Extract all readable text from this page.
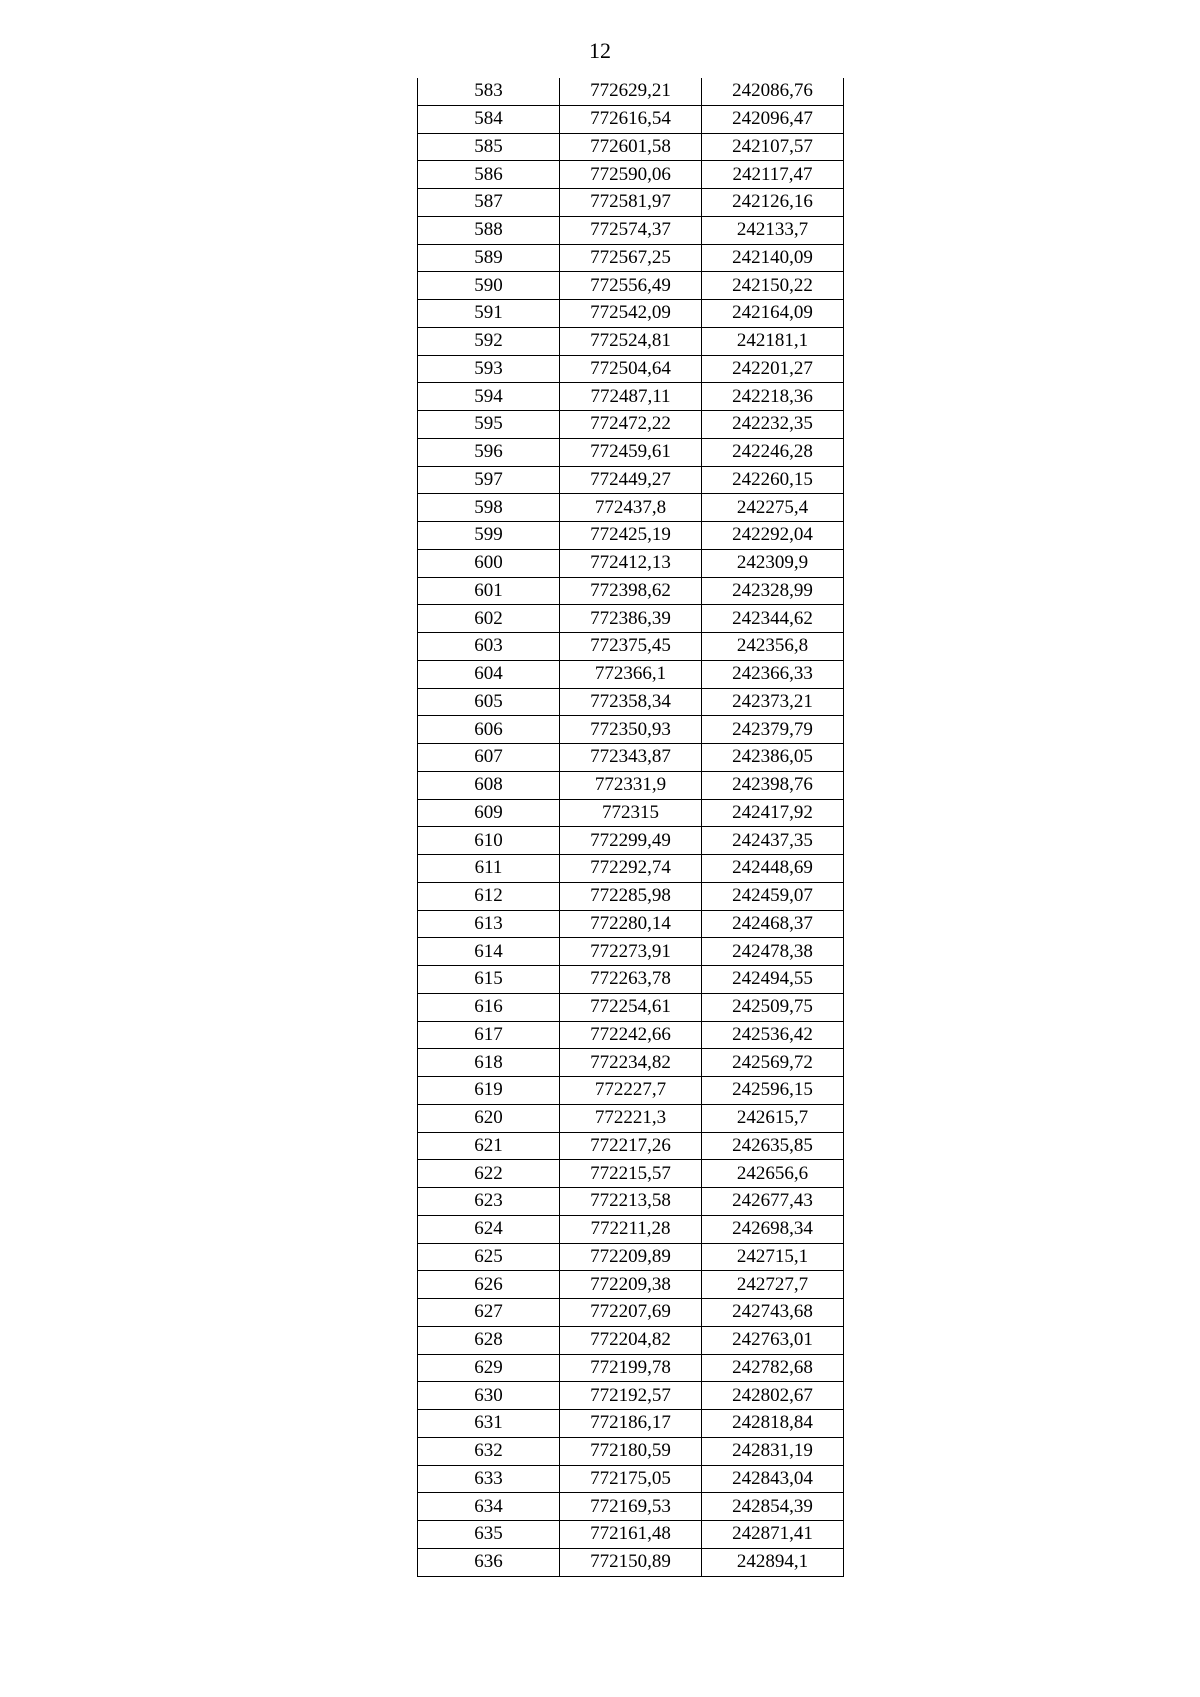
12
583	772629,21	242086,76
584	772616,54	242096,47
585	772601,58	242107,57
586	772590,06	242117,47
587	772581,97	242126,16
588	772574,37	242133,7
589	772567,25	242140,09
590	772556,49	242150,22
591	772542,09	242164,09
592	772524,81	242181,1
593	772504,64	242201,27
594	772487,11	242218,36
595	772472,22	242232,35
596	772459,61	242246,28
597	772449,27	242260,15
598	772437,8	242275,4
599	772425,19	242292,04
600	772412,13	242309,9
601	772398,62	242328,99
602	772386,39	242344,62
603	772375,45	242356,8
604	772366,1	242366,33
605	772358,34	242373,21
606	772350,93	242379,79
607	772343,87	242386,05
608	772331,9	242398,76
609	772315	242417,92
610	772299,49	242437,35
611	772292,74	242448,69
612	772285,98	242459,07
613	772280,14	242468,37
614	772273,91	242478,38
615	772263,78	242494,55
616	772254,61	242509,75
617	772242,66	242536,42
618	772234,82	242569,72
619	772227,7	242596,15
620	772221,3	242615,7
621	772217,26	242635,85
622	772215,57	242656,6
623	772213,58	242677,43
624	772211,28	242698,34
625	772209,89	242715,1
626	772209,38	242727,7
627	772207,69	242743,68
628	772204,82	242763,01
629	772199,78	242782,68
630	772192,57	242802,67
631	772186,17	242818,84
632	772180,59	242831,19
633	772175,05	242843,04
634	772169,53	242854,39
635	772161,48	242871,41
636	772150,89	242894,1
